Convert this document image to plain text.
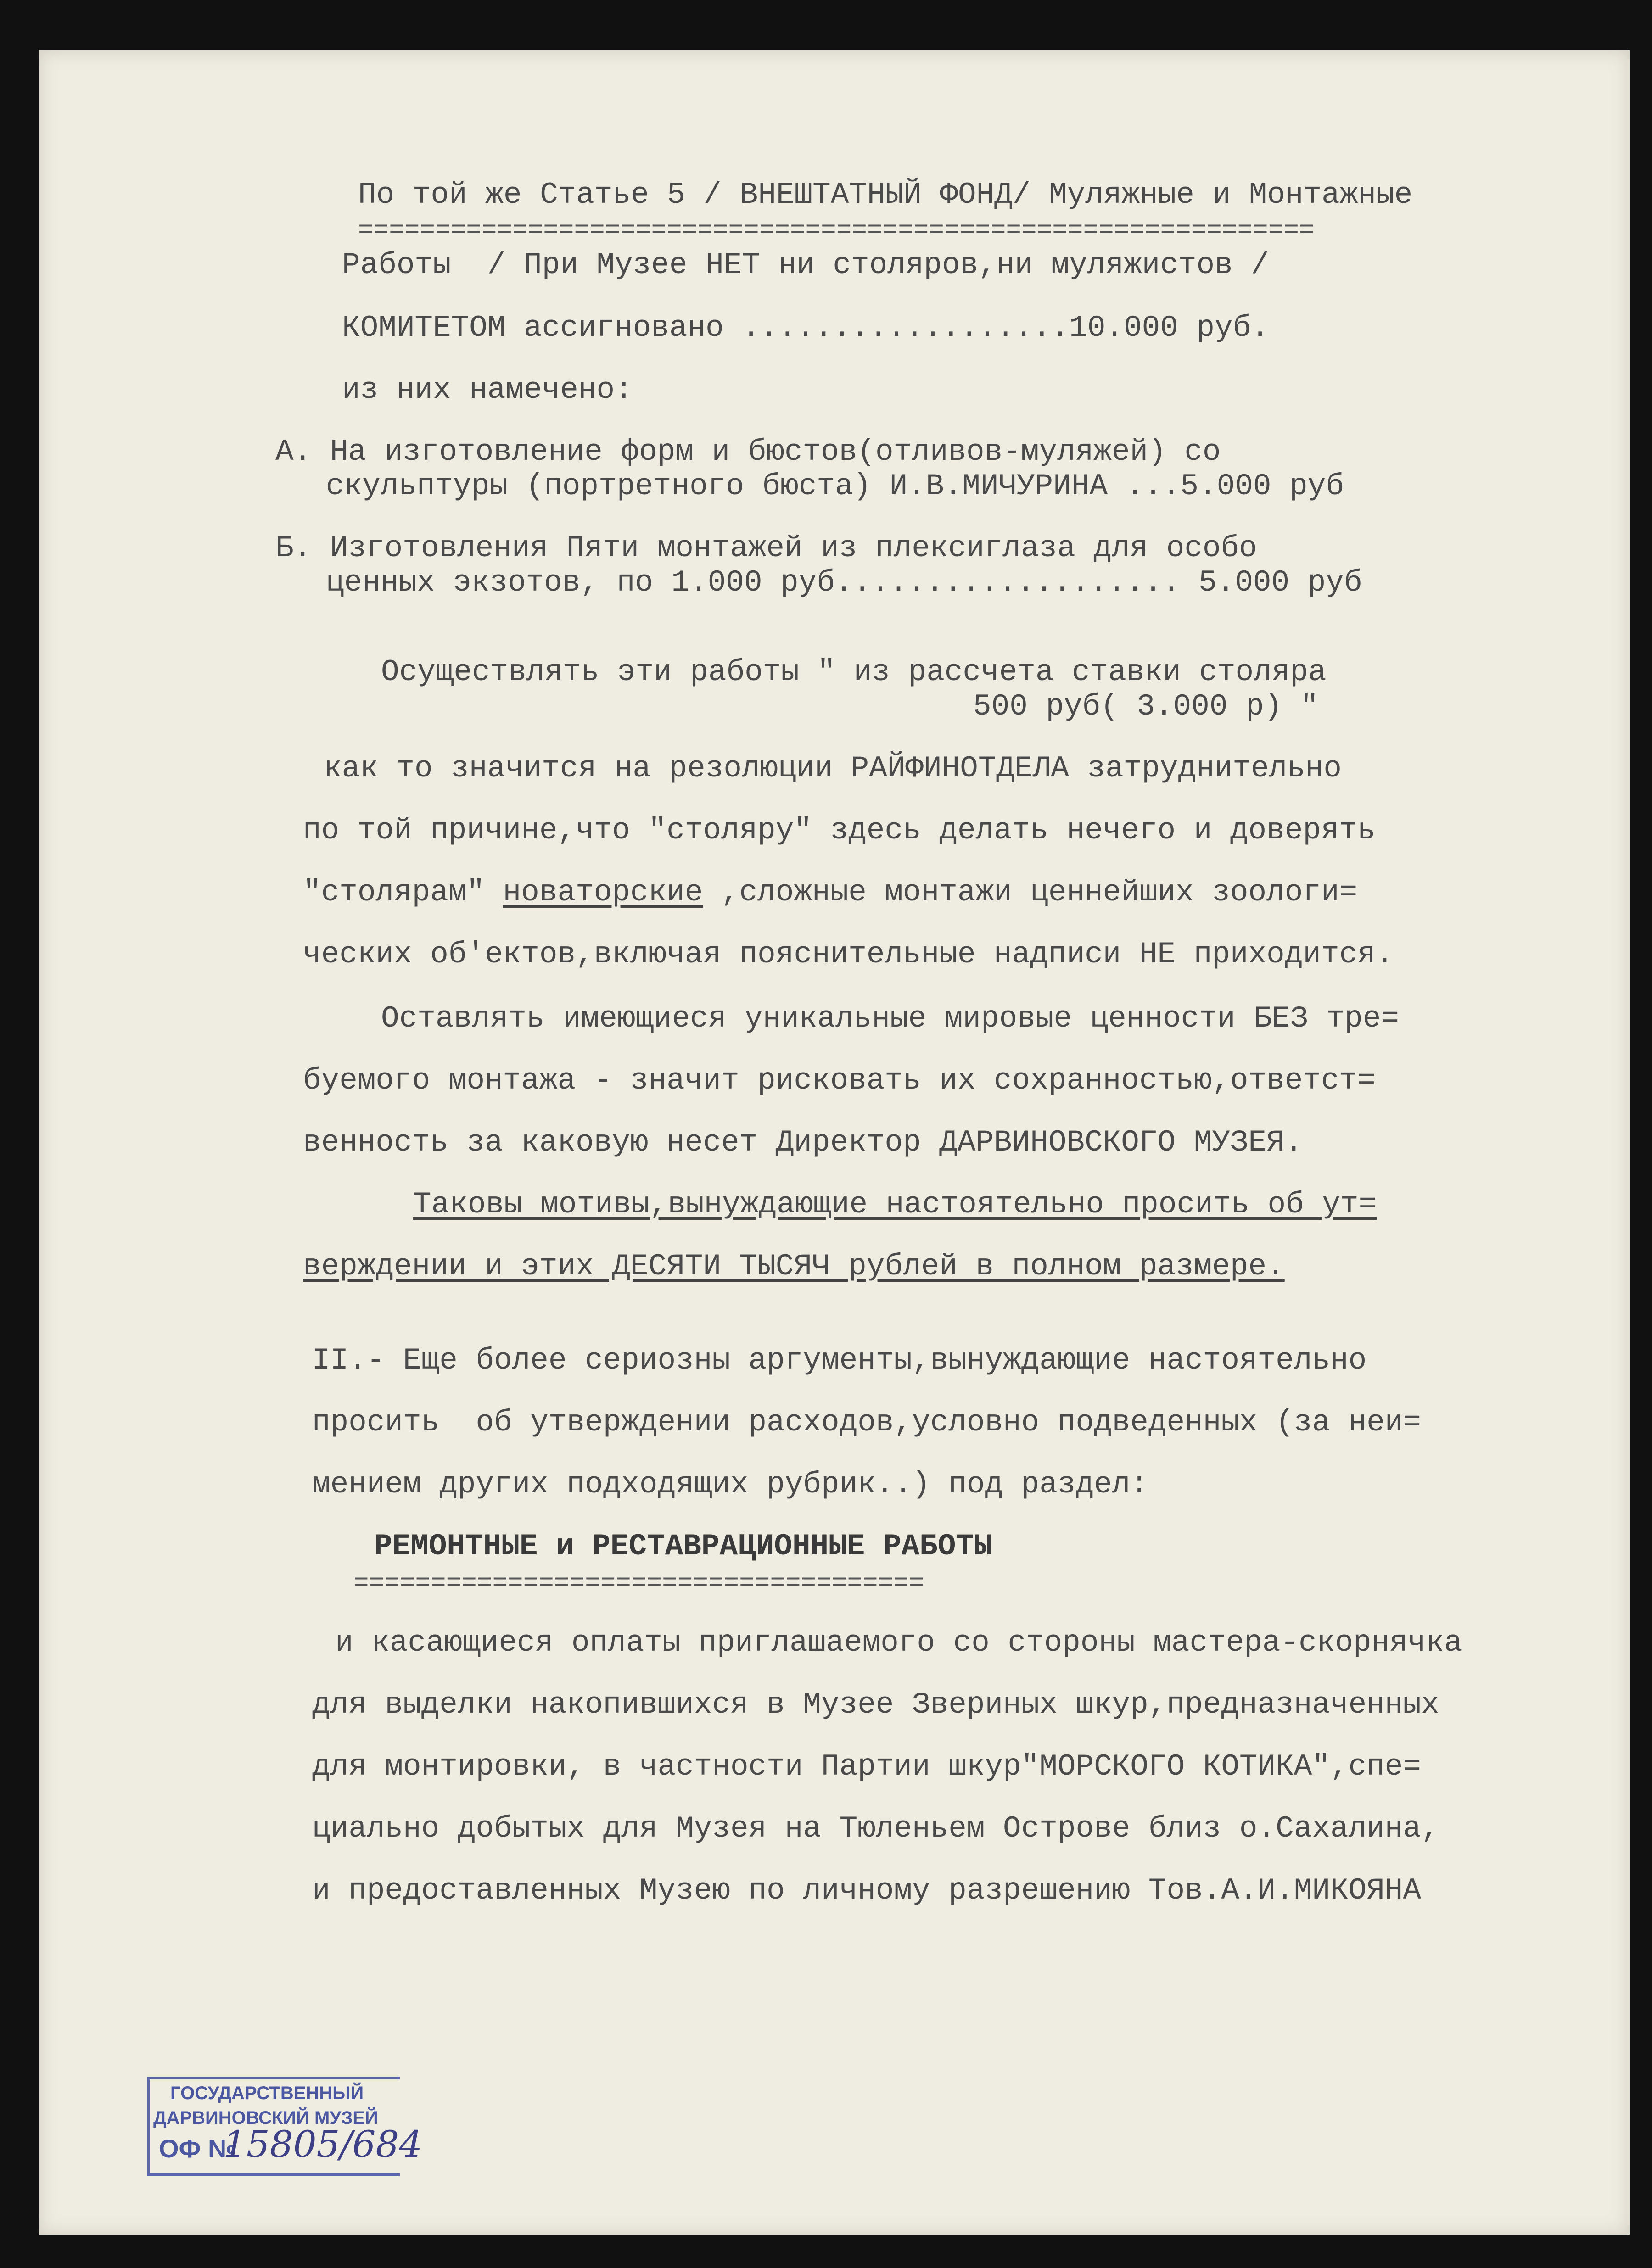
По той же Статье 5 / ВНЕШТАТНЫЙ ФОНД/ Муляжные и Монтажные
==============================================================
Работы  / При Музее НЕТ ни столяров,ни муляжистов /
КОМИТЕТОМ ассигновано ..................10.000 руб.
из них намечено:
А. На изготовление форм и бюстов(отливов-муляжей) со
скульптуры (портретного бюста) И.В.МИЧУРИНА ...5.000 руб
Б. Изготовления Пяти монтажей из плексиглаза для особо
ценных экзотов, по 1.000 руб................... 5.000 руб
Осуществлять эти работы " из рассчета ставки столяра
500 руб( 3.000 р) "
как то значится на резолюции РАЙФИНОТДЕЛА затруднительно
по той причине,что "столяру" здесь делать нечего и доверять
"столярам" новаторские ,сложные монтажи ценнейших зоологи=
ческих об'ектов,включая пояснительные надписи НЕ приходится.
Оставлять имеющиеся уникальные мировые ценности БЕЗ тре=
буемого монтажа - значит рисковать их сохранностью,ответст=
венность за каковую несет Директор ДАРВИНОВСКОГО МУЗЕЯ.
Таковы мотивы,вынуждающие настоятельно просить об ут=
верждении и этих ДЕСЯТИ ТЫСЯЧ рублей в полном размере.
II.- Еще более сериозны аргументы,вынуждающие настоятельно
просить  об утверждении расходов,условно подведенных (за неи=
мением других подходящих рубрик..) под раздел:
РЕМОНТНЫЕ и РЕСТАВРАЦИОННЫЕ РАБОТЫ
=====================================
и касающиеся оплаты приглашаемого со стороны мастера-скорнячка
для выделки накопившихся в Музее Звериных шкур,предназначенных
для монтировки, в частности Партии шкур"МОРСКОГО КОТИКА",спе=
циально добытых для Музея на Тюленьем Острове близ о.Сахалина,
и предоставленных Музею по личному разрешению Тов.А.И.МИКОЯНА
ГОСУДАРСТВЕННЫЙ
ДАРВИНОВСКИЙ МУЗЕЙ
ОФ №
15805/684
